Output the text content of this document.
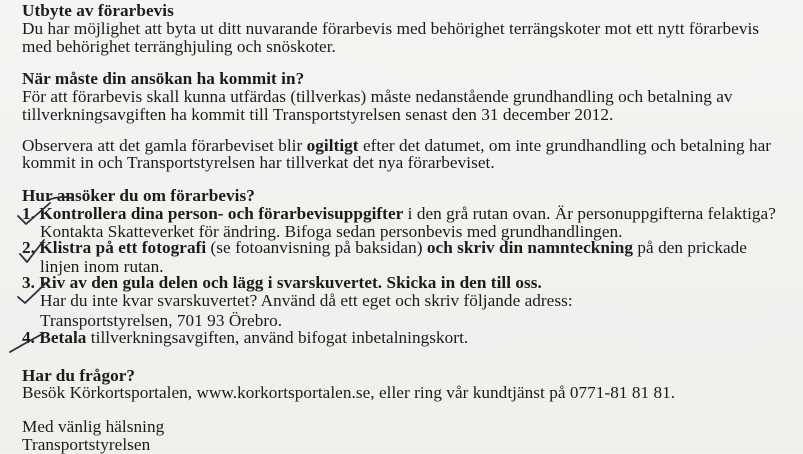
Utbyte av förarbevis
Du har möjlighet att byta ut ditt nuvarande förarbevis med behörighet terrängskoter mot ett nytt förarbevis
med behörighet terränghjuling och snöskoter.
När måste din ansökan ha kommit in?
För att förarbevis skall kunna utfärdas (tillverkas) måste nedanstående grundhandling och betalning av
tillverkningsavgiften ha kommit till Transportstyrelsen senast den 31 december 2012.
Observera att det gamla förarbeviset blir ogiltigt efter det datumet, om inte grundhandling och betalning har
kommit in och Transportstyrelsen har tillverkat det nya förarbeviset.
Hur ansöker du om förarbevis?
1. Kontrollera dina person- och förarbevisuppgifter i den grå rutan ovan. Är personuppgifterna felaktiga?
Kontakta Skatteverket för ändring. Bifoga sedan personbevis med grundhandlingen.
2. Klistra på ett fotografi (se fotoanvisning på baksidan) och skriv din namnteckning på den prickade
linjen inom rutan.
3. Riv av den gula delen och lägg i svarskuvertet. Skicka in den till oss.
Har du inte kvar svarskuvertet? Använd då ett eget och skriv följande adress:
Transportstyrelsen, 701 93 Örebro.
4. Betala tillverkningsavgiften, använd bifogat inbetalningskort.
Har du frågor?
Besök Körkortsportalen, www.korkortsportalen.se, eller ring vår kundtjänst på 0771-81 81 81.
Med vänlig hälsning
Transportstyrelsen
